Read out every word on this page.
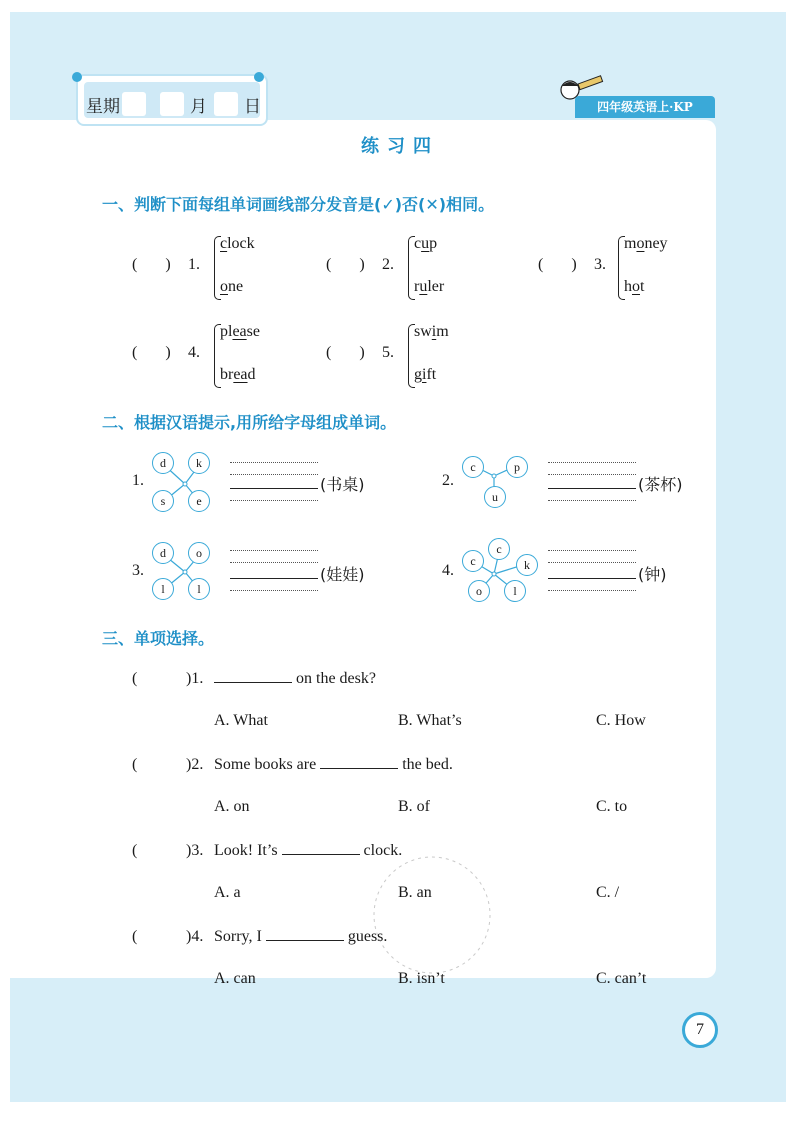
星期	月 日	四年级英语上·KP
练习四
一、判断下面每组单词画线部分发音是(✓)否(✕)相同。
(       ) 1.
clock
one
(       ) 2.
cup
ruler
(       ) 3.
money
hot
(       ) 4.
please
bread
(       ) 5.
swim
gift
二、根据汉语提示,用所给字母组成单词。
1.
d	k
s	e
(书桌)	2.
c	p
u
(茶杯)
3.
d	o
l	l
(娃娃)	4.
c
c
k
o	l
(钟)
三、单项选择。
(	)1.	on the desk?
A. What	B. What’s	C. How
(	)2. Some books are	the bed.
A. on	B. of	C. to
(	)3. Look! It’s	clock.
A. a	B. an	C. /
(	)4. Sorry, I	guess.
A. can	B. isn’t	C. can’t
7
